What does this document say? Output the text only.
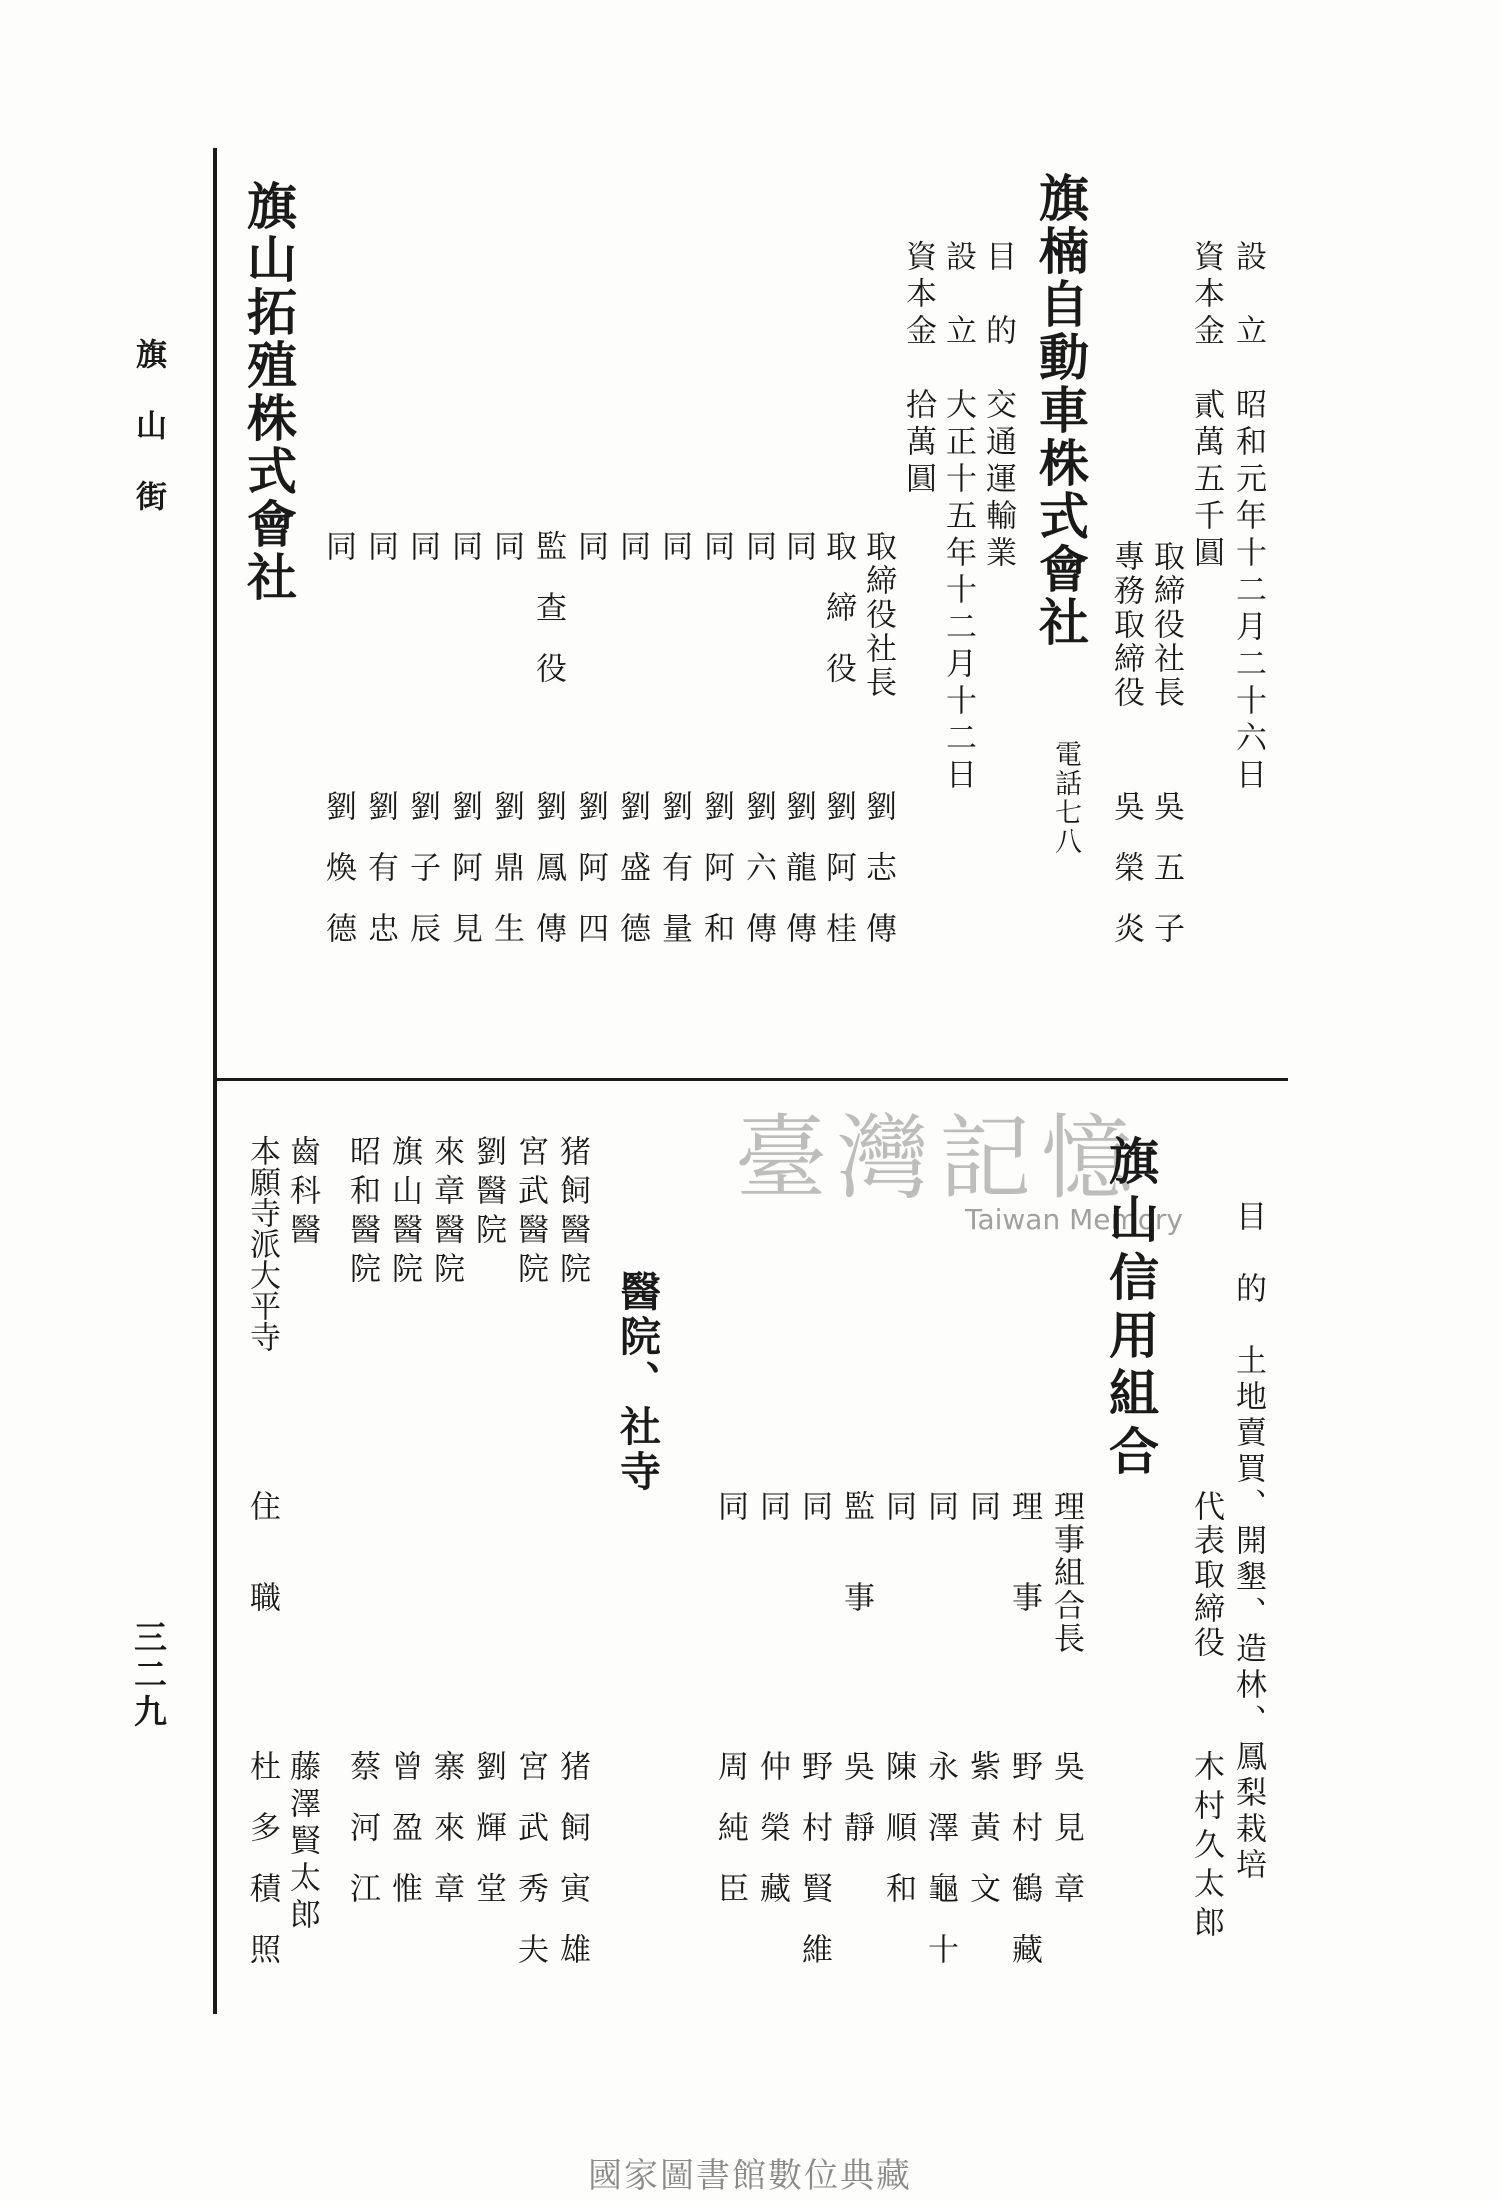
旗山街
三二九
設　立　昭和元年十二月二十六日
資本金　貳萬五千圓
取締役社長
吳五子
專務取締役
吳榮炎
旗楠自動車株式會社
電話七八
目　的　交通運輸業
設　立　大正十五年十二月十二日
資本金　拾萬圓
旗山拓殖株式會社
取締役社長
劉志傳
取締役
劉阿桂
同
劉龍傳
同
劉六傳
同
劉阿和
同
劉有量
同
劉盛德
同
劉阿四
監查役
劉鳳傳
同
劉鼎生
同
劉阿見
同
劉子辰
同
劉有忠
同
劉煥德
臺灣記憶
Taiwan Memory 目　的　土地賣買、開墾、造林、鳳梨栽培
代表取締役
木村久太郎
旗山信用組合
理事組合長
吳見章
理事
野村鶴藏
同
紫黃文
同
永澤龜十
同
陳順和
監事
吳靜
同
野村賢維
同
仲榮藏
同
周純臣
醫院、社寺
猪飼醫院
猪飼寅雄
宮武醫院
宮武秀夫
劉醫院
劉輝堂
來章醫院
寨來章
旗山醫院
曾盈惟
昭和醫院
蔡河江
齒科醫
藤澤賢太郎
本願寺派大平寺
住職
杜多積照
國家圖書館數位典藏
